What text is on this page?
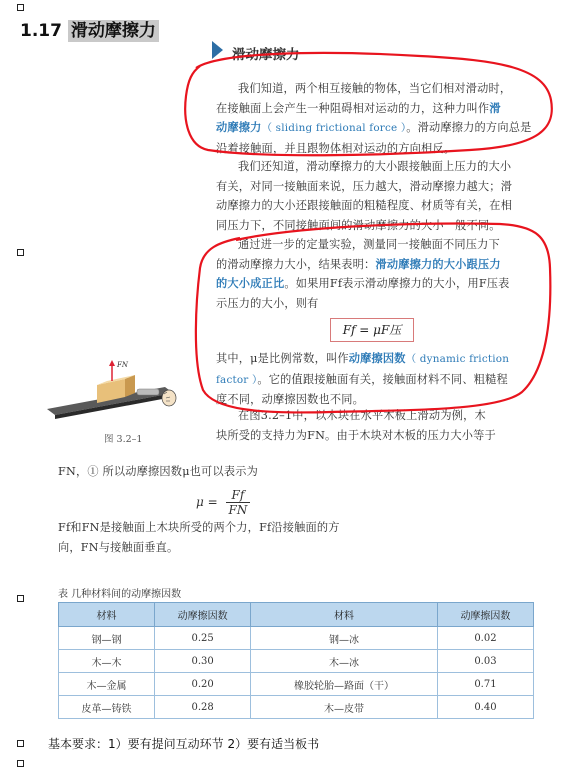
1.17 滑动摩擦力
滑动摩擦力

我们知道，两个相互接触的物体，当它们相对滑动时，
在接触面上会产生一种阻碍相对运动的力，这种力叫作滑
动摩擦力（ sliding frictional force ）。滑动摩擦力的方向总是
沿着接触面，并且跟物体相对运动的方向相反。

我们还知道，滑动摩擦力的大小跟接触面上压力的大小
有关，对同一接触面来说，压力越大，滑动摩擦力越大；滑
动摩擦力的大小还跟接触面的粗糙程度、材质等有关，在相
同压力下，不同接触面间的滑动摩擦力的大小一般不同。

通过进一步的定量实验，测量同一接触面不同压力下
的滑动摩擦力大小，结果表明：滑动摩擦力的大小跟压力
的大小成正比。如果用Ff表示滑动摩擦力的大小，用F压表
示压力的大小，则有

Ff = μF压

其中，μ是比例常数，叫作动摩擦因数（ dynamic friction
factor ）。它的值跟接触面有关，接触面材料不同、粗糙程
度不同，动摩擦因数也不同。

在图3.2–1中，以木块在水平木板上滑动为例，木
块所受的支持力为FN。由于木块对木板的压力大小等于

FN
图 3.2–1

FN，① 所以动摩擦因数μ也可以表示为

$\mu = \frac{Ff}{FN}$

Ff和FN是接触面上木块所受的两个力，Ff沿接触面的方
向，FN与接触面垂直。

表 几种材料间的动摩擦因数
材料	动摩擦因数	材料	动摩擦因数
钢—钢	0.25	钢—冰	0.02
木—木	0.30	木—冰	0.03
木—金属	0.20	橡胶轮胎—路面（干）	0.71
皮革—铸铁	0.28	木—皮带	0.40
基本要求：1）要有提问互动环节 2）要有适当板书
